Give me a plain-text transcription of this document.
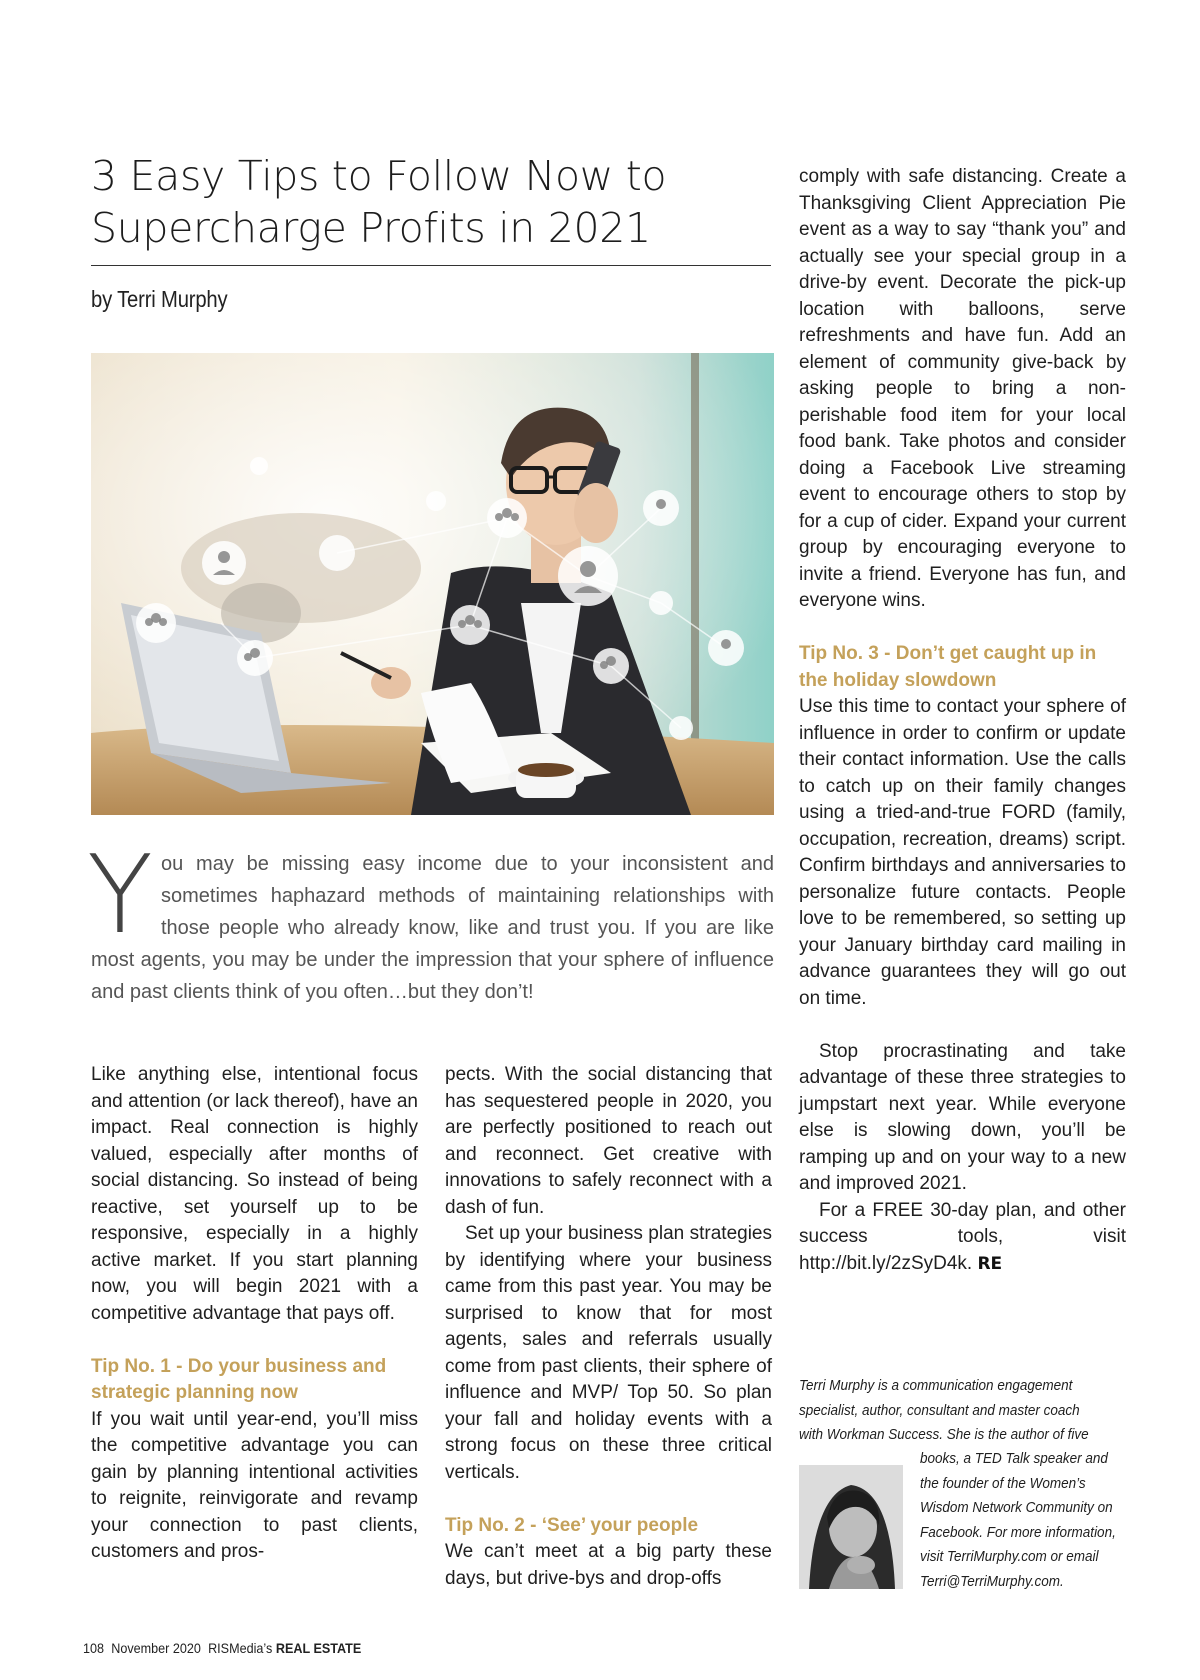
3 Easy Tips to Follow Now to
Supercharge Profits in 2021
by Terri Murphy
You may be missing easy income due to your inconsistent and sometimes haphazard methods of maintaining relationships with those people who already know, like and trust you. If you are like most agents, you may be under the impression that your sphere of influence and past clients think of you often…but they don’t!

Like anything else, intentional focus and attention (or lack thereof), have an impact. Real connection is highly valued, especially after months of social distancing. So instead of being reactive, set yourself up to be responsive, especially in a highly active market. If you start planning now, you will begin 2021 with a competitive advantage that pays off.

Tip No. 1 - Do your business and strategic planning now

If you wait until year-end, you’ll miss the competitive advantage you can gain by planning intentional activities to reignite, reinvigorate and revamp your connection to past clients, customers and pros-

pects. With the social distancing that has sequestered people in 2020, you are perfectly positioned to reach out and reconnect. Get creative with innovations to safely reconnect with a dash of fun.

Set up your business plan strategies by identifying where your business came from this past year. You may be surprised to know that for most agents, sales and referrals usually come from past clients, their sphere of influence and MVP/ Top 50. So plan your fall and holiday events with a strong focus on these three critical verticals.

Tip No. 2 - ‘See’ your people

We can’t meet at a big party these days, but drive-bys and drop-offs

comply with safe distancing. Create a Thanksgiving Client Appreciation Pie event as a way to say “thank you” and actually see your special group in a drive-by event. Decorate the pick-up location with balloons, serve refreshments and have fun. Add an element of community give-back by asking people to bring a non-perishable food item for your local food bank. Take photos and consider doing a Facebook Live streaming event to encourage others to stop by for a cup of cider. Expand your current group by encouraging everyone to invite a friend. Everyone has fun, and everyone wins.

Tip No. 3 - Don’t get caught up in the holiday slowdown

Use this time to contact your sphere of influence in order to confirm or update their contact information. Use the calls to catch up on their family changes using a tried-and-true FORD (family, occupation, recreation, dreams) script. Confirm birthdays and anniversaries to personalize future contacts. People love to be remembered, so setting up your January birthday card mailing in advance guarantees they will go out on time.

Stop procrastinating and take advantage of these three strategies to jumpstart next year. While everyone else is slowing down, you’ll be ramping up and on your way to a new and improved 2021.

For a FREE 30-day plan, and other success tools, visit http://bit.ly/2zSyD4k. RE

Terri Murphy is a communication engagement specialist, author, consultant and master coach with Workman Success. She is the author of five
books, a TED Talk speaker and the founder of the Women’s Wisdom Network Community on Facebook. For more information, visit TerriMurphy.com or email Terri@TerriMurphy.com.
108 November 2020 RISMedia’s REAL ESTATE
